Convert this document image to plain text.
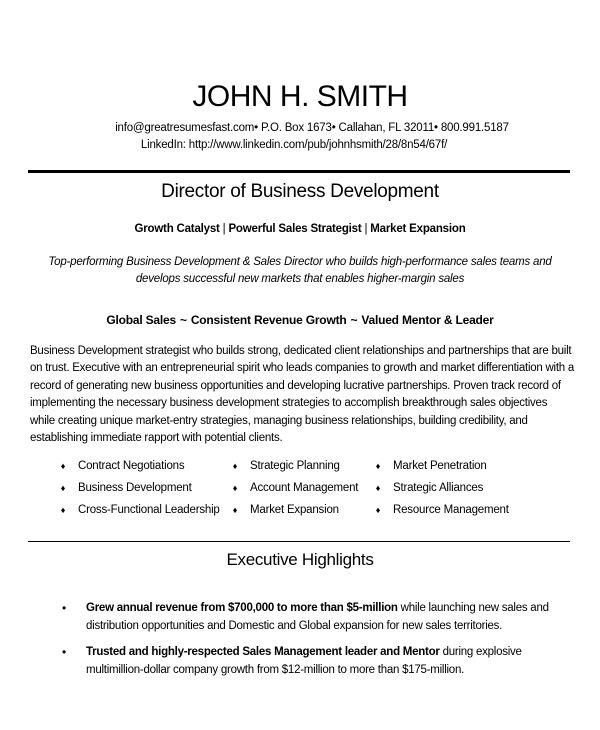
JOHN H. SMITH
info@greatresumesfast.com• P.O. Box 1673• Callahan, FL 32011• 800.991.5187
LinkedIn: http://www.linkedin.com/pub/johnhsmith/28/8n54/67f/
Director of Business Development
Growth Catalyst | Powerful Sales Strategist | Market Expansion
Top-performing Business Development & Sales Director who builds high-performance sales teams and develops successful new markets that enables higher-margin sales
Global Sales ~ Consistent Revenue Growth ~ Valued Mentor & Leader
Business Development strategist who builds strong, dedicated client relationships and partnerships that are built on trust. Executive with an entrepreneurial spirit who leads companies to growth and market differentiation with a record of generating new business opportunities and developing lucrative partnerships. Proven track record of implementing the necessary business development strategies to accomplish breakthrough sales objectives while creating unique market-entry strategies, managing business relationships, building credibility, and establishing immediate rapport with potential clients.
♦ Contract Negotiations	♦ Strategic Planning	♦ Market Penetration
♦ Business Development	♦ Account Management	♦ Strategic Alliances
♦ Cross-Functional Leadership	♦ Market Expansion	♦ Resource Management
Executive Highlights
•	Grew annual revenue from $700,000 to more than $5-million while launching new sales and distribution opportunities and Domestic and Global expansion for new sales territories.
•	Trusted and highly-respected Sales Management leader and Mentor during explosive multimillion-dollar company growth from $12-million to more than $175-million.
